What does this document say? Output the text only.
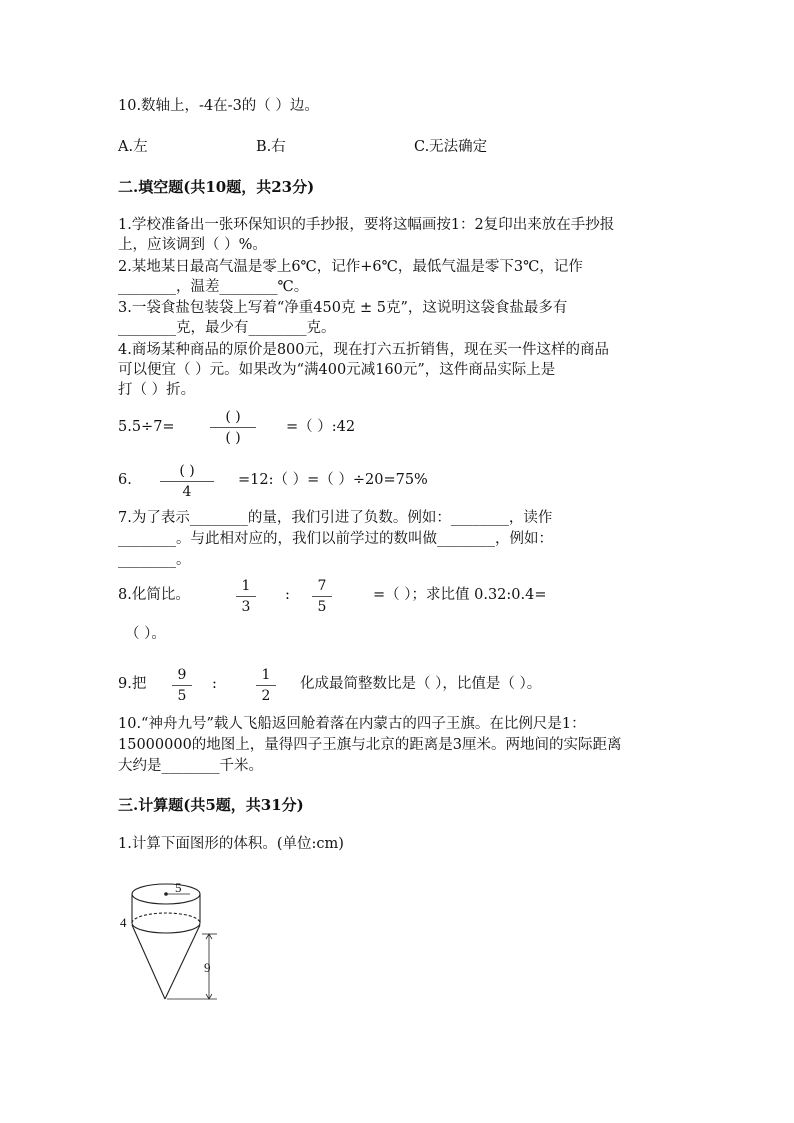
10.数轴上，-4在-3的（ ）边。
A.左	B.右	C.无法确定
二.填空题(共10题，共23分)
1.学校准备出一张环保知识的手抄报，要将这幅画按1：2复印出来放在手抄报
上，应该调到（ ）%。
2.某地某日最高气温是零上6℃，记作+6℃，最低气温是零下3℃，记作
________，温差________℃。
3.一袋食盐包装袋上写着“净重450克 ± 5克”，这说明这袋食盐最多有
________克，最少有________克。
4.商场某种商品的原价是800元，现在打六五折销售，现在买一件这样的商品
可以便宜（ ）元。如果改为“满400元减160元”，这件商品实际上是
打（ ）折。
5.5÷7=
( )
( )
=（ ）:42
6.
( )
4
=12:（ ）=（ ）÷20=75%
7.为了表示________的量，我们引进了负数。例如：________，读作
________。与此相对应的，我们以前学过的数叫做________，例如：
________。
8.化简比。
1
3
:
7
5
=（ ）；求比值 0.32:0.4=
（ ）。
9.把
9
5
:
1
2
化成最简整数比是（ ），比值是（ ）。
10.“神舟九号”载人飞船返回舱着落在内蒙古的四子王旗。在比例尺是1：
15000000的地图上，量得四子王旗与北京的距离是3厘米。两地间的实际距离
大约是________千米。
三.计算题(共5题，共31分)
1.计算下面图形的体积。(单位:cm)
5
4
9
